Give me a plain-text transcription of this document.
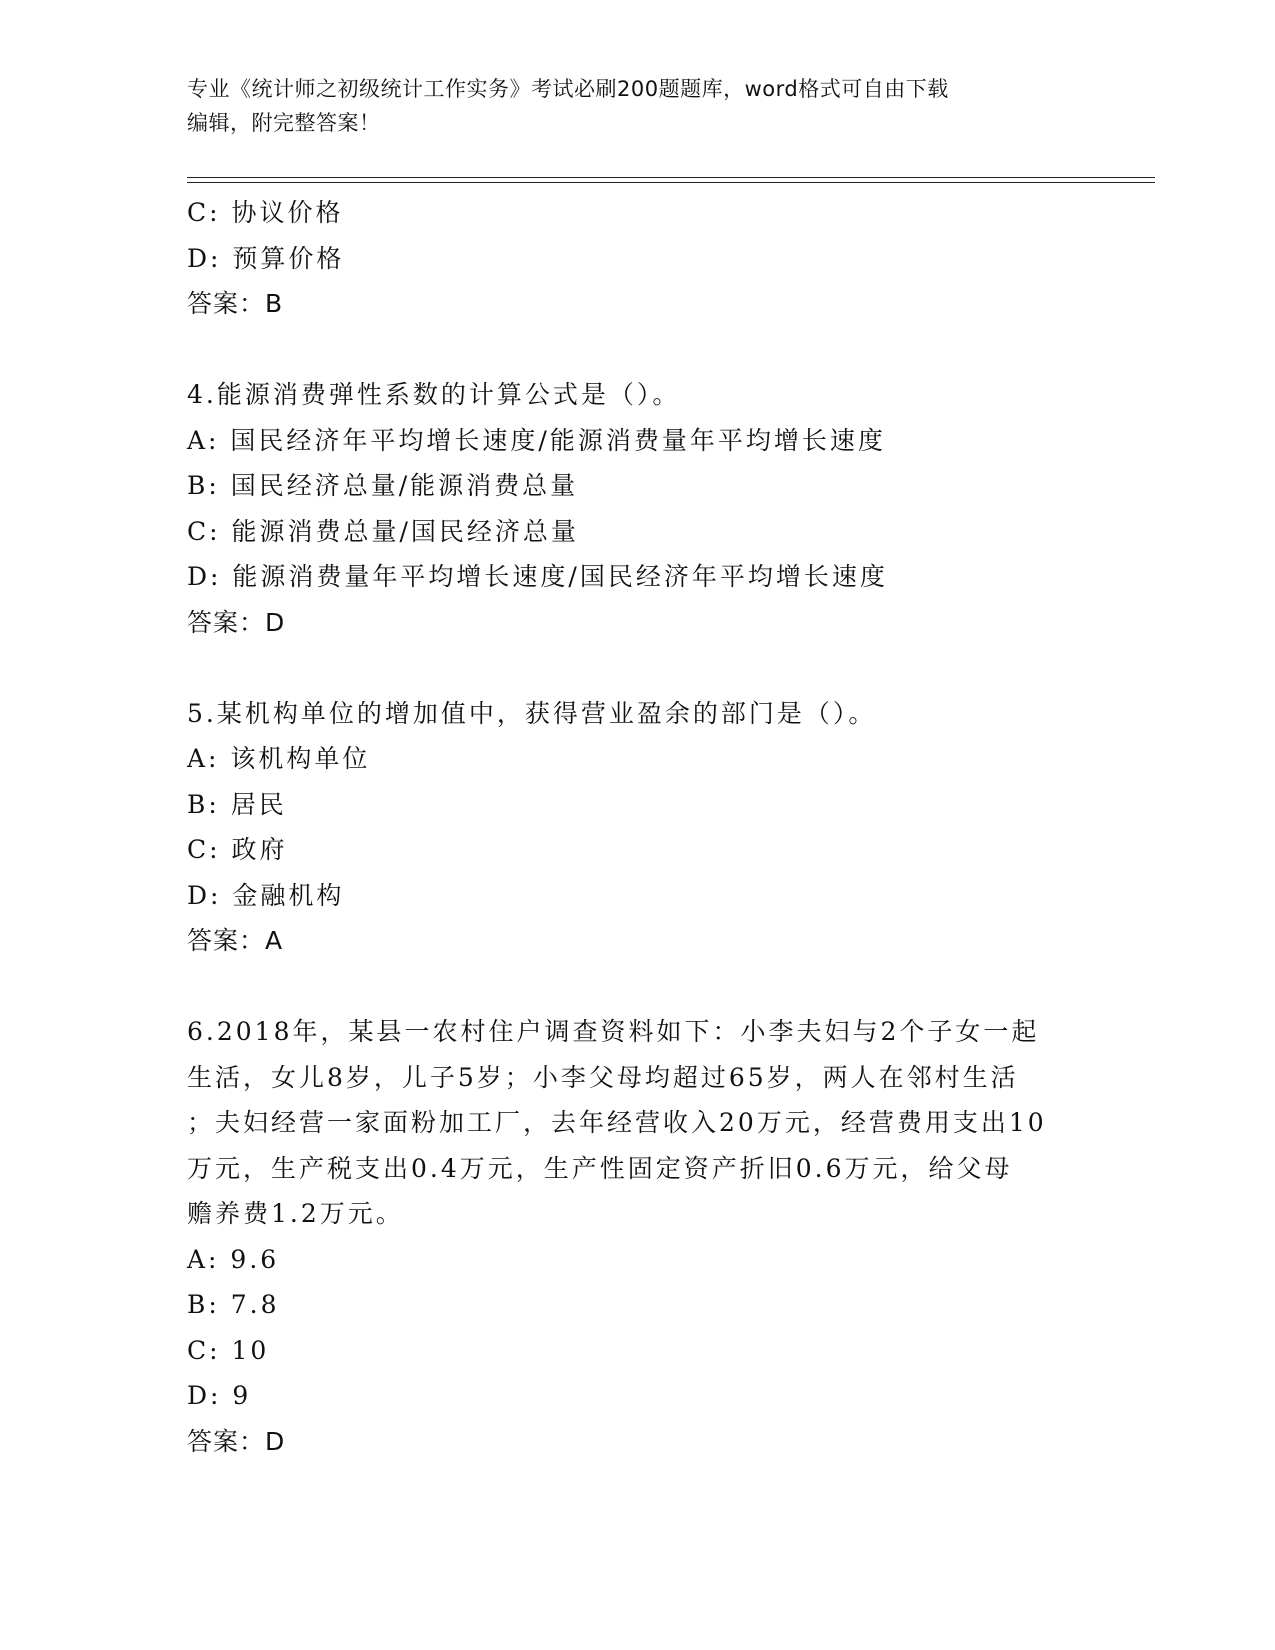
专业《统计师之初级统计工作实务》考试必刷200题题库，word格式可自由下载
编辑，附完整答案！
C: 协议价格
D: 预算价格
答案：B
4.能源消费弹性系数的计算公式是（）。
A: 国民经济年平均增长速度/能源消费量年平均增长速度
B: 国民经济总量/能源消费总量
C: 能源消费总量/国民经济总量
D: 能源消费量年平均增长速度/国民经济年平均增长速度
答案：D
5.某机构单位的增加值中，获得营业盈余的部门是（）。
A: 该机构单位
B: 居民
C: 政府
D: 金融机构
答案：A
6.2018年，某县一农村住户调查资料如下：小李夫妇与2个子女一起
生活，女儿8岁，儿子5岁；小李父母均超过65岁，两人在邻村生活
；夫妇经营一家面粉加工厂，去年经营收入20万元，经营费用支出10
万元，生产税支出0.4万元，生产性固定资产折旧0.6万元，给父母
赡养费1.2万元。
A: 9.6
B: 7.8
C: 10
D: 9
答案：D
